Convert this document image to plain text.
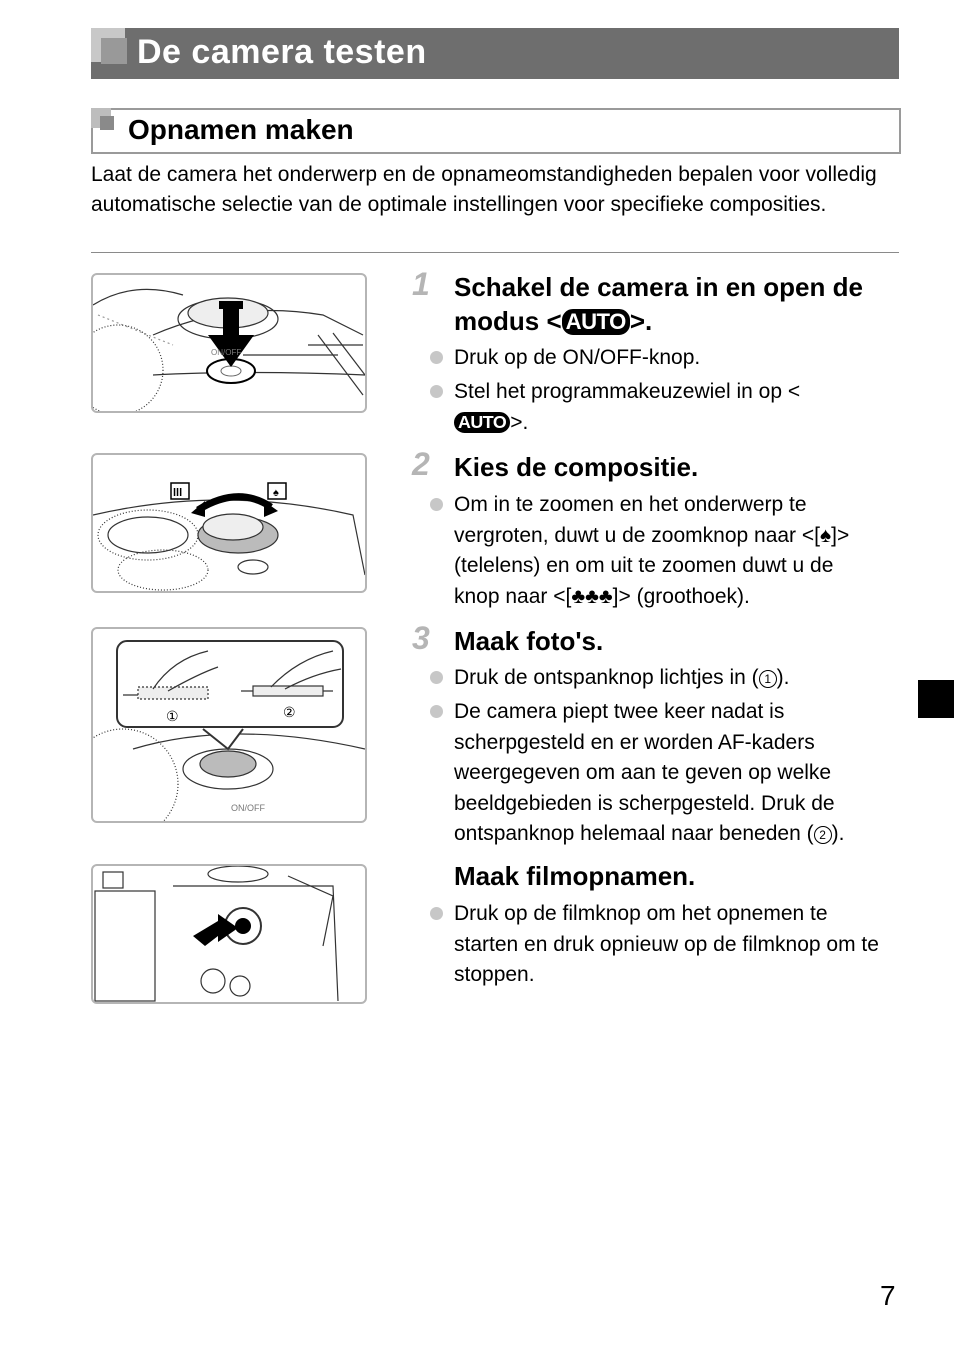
De camera testen
Opnamen maken
Laat de camera het onderwerp en de opnameomstandigheden bepalen voor volledig automatische selectie van de optimale instellingen voor specifieke composities.
ON/OFF
lll	♠
①	②
ON/OFF
1 Schakel de camera in en open de modus < AUTO >.
Druk op de ON/OFF-knop.
Stel het programmakeuzewiel in op <AUTO >.
2 Kies de compositie.
Om in te zoomen en het onderwerp te vergroten, duwt u de zoomknop naar <[♠]> (telelens) en om uit te zoomen duwt u de knop naar <[♣♣♣]> (groothoek).
3 Maak foto's.
Druk de ontspanknop lichtjes in ( 1 ).
De camera piept twee keer nadat is scherpgesteld en er worden AF-kaders weergegeven om aan te geven op welke beeldgebieden is scherpgesteld. Druk de ontspanknop helemaal naar beneden ( 2 ).
Maak filmopnamen.
Druk op de filmknop om het opnemen te starten en druk opnieuw op de filmknop om te stoppen.
7
